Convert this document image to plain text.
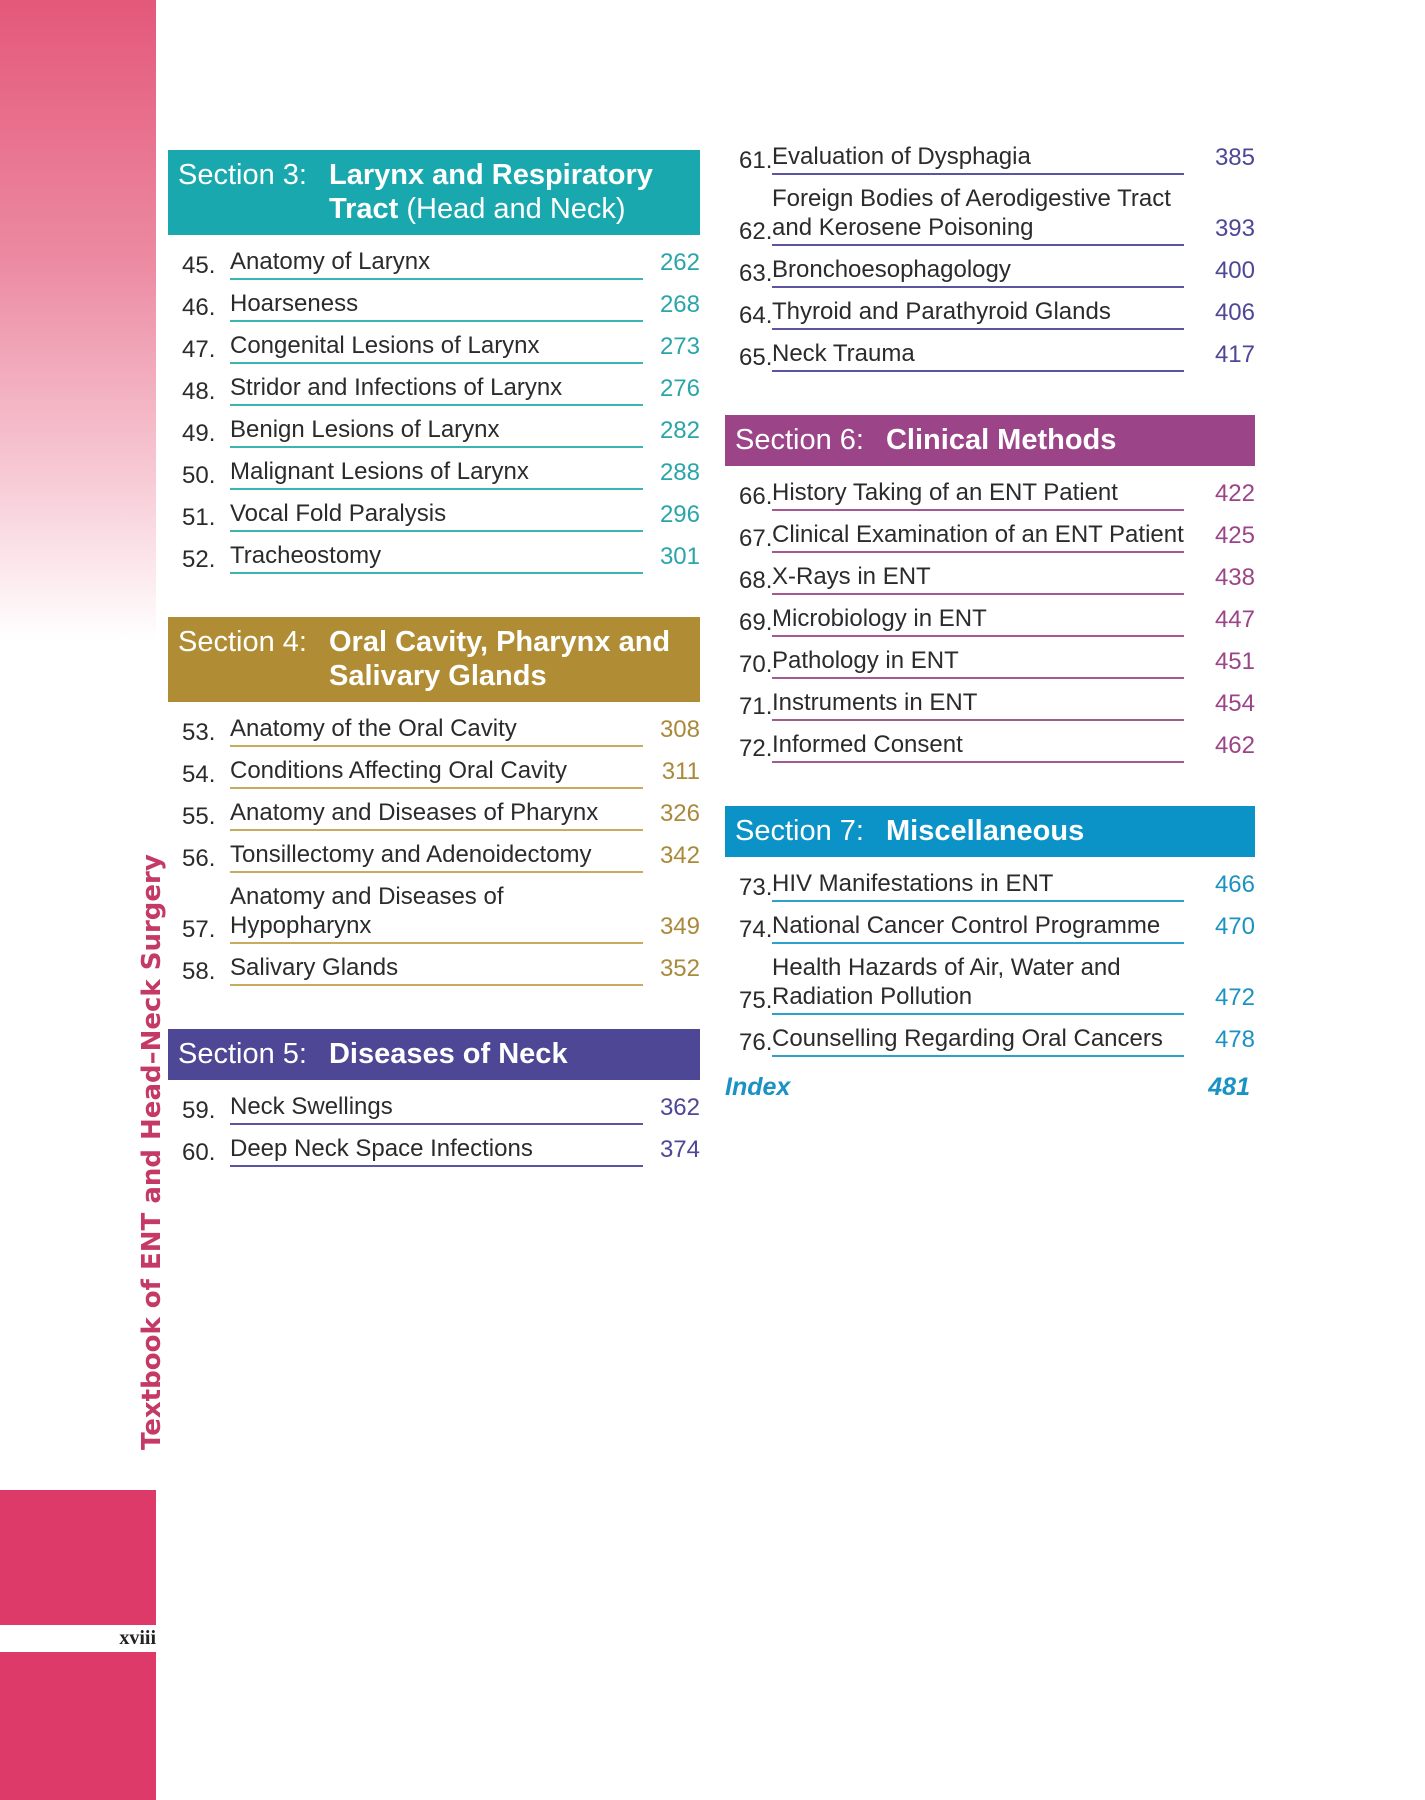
xviii
Textbook of ENT and Head–Neck Surgery
Section 3: Larynx and Respiratory Tract (Head and Neck)
45. Anatomy of Larynx	262
46. Hoarseness	268
47. Congenital Lesions of Larynx	273
48. Stridor and Infections of Larynx	276
49. Benign Lesions of Larynx	282
50. Malignant Lesions of Larynx	288
51. Vocal Fold Paralysis	296
52. Tracheostomy	301
Section 4: Oral Cavity, Pharynx and Salivary Glands
53. Anatomy of the Oral Cavity	308
54. Conditions Affecting Oral Cavity	311
55. Anatomy and Diseases of Pharynx	326
56. Tonsillectomy and Adenoidectomy	342
57.
Anatomy and Diseases of Hypopharynx	349
58. Salivary Glands	352
Section 5: Diseases of Neck
59. Neck Swellings	362
60. Deep Neck Space Infections	374
61. Evaluation of Dysphagia	385
62.
Foreign Bodies of Aerodigestive Tract and Kerosene Poisoning	393
63. Bronchoesophagology	400
64. Thyroid and Parathyroid Glands	406
65. Neck Trauma	417
Section 6: Clinical Methods
66. History Taking of an ENT Patient	422
67. Clinical Examination of an ENT Patient	425
68. X-Rays in ENT	438
69. Microbiology in ENT	447
70. Pathology in ENT	451
71. Instruments in ENT	454
72. Informed Consent	462
Section 7: Miscellaneous
73. HIV Manifestations in ENT	466
74. National Cancer Control Programme	470
75.
Health Hazards of Air, Water and Radiation Pollution	472
76. Counselling Regarding Oral Cancers	478
Index	481
